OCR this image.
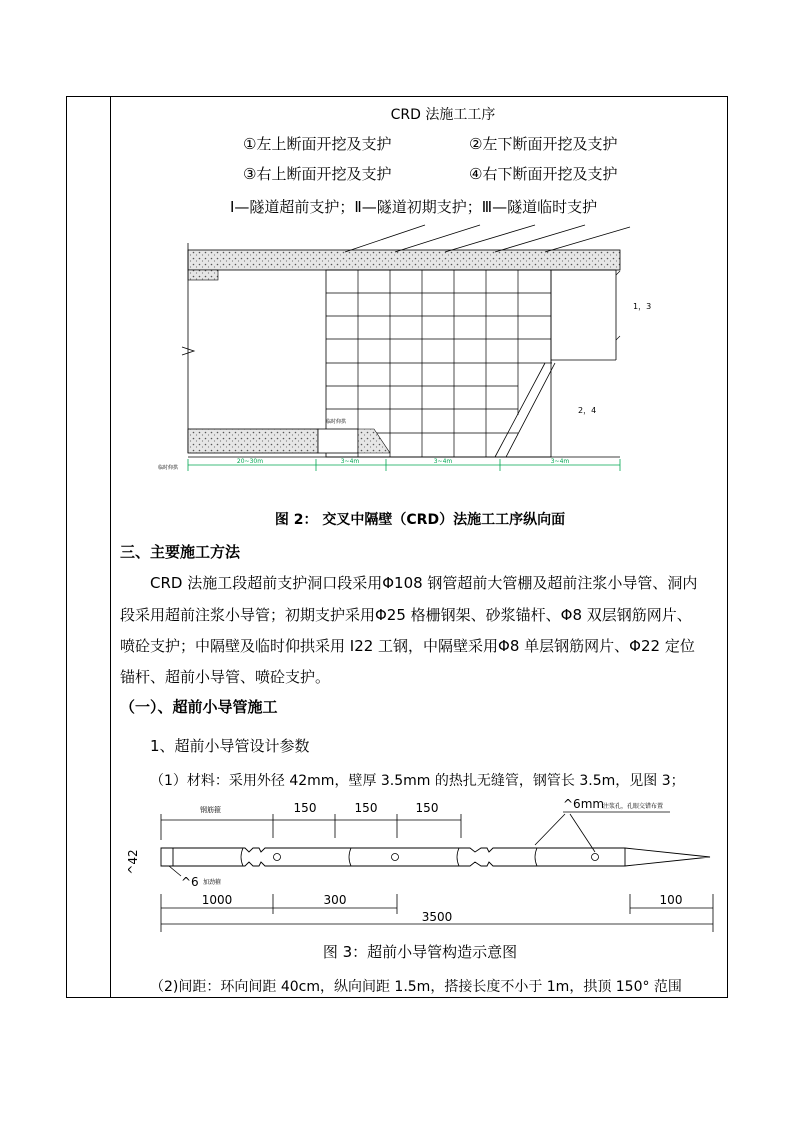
CRD 法施工工序
①左上断面开挖及支护	②左下断面开挖及支护
③右上断面开挖及支护	④右下断面开挖及支护
Ⅰ—隧道超前支护；Ⅱ—隧道初期支护；Ⅲ—隧道临时支护
20~30m	3~4m	3~4m	3~4m
1，3
2，4
临时仰拱
临时仰拱
图 2： 交叉中隔壁（CRD）法施工工序纵向面
三、主要施工方法
CRD 法施工段超前支护洞口段采用Φ108 钢管超前大管棚及超前注浆小导管、洞内
段采用超前注浆小导管；初期支护采用Φ25 格栅钢架、砂浆锚杆、Φ8 双层钢筋网片、
喷砼支护；中隔壁及临时仰拱采用 I22 工钢，中隔壁采用Φ8 单层钢筋网片、Φ22 定位
锚杆、超前小导管、喷砼支护。
（一）、超前小导管施工
1、超前小导管设计参数
（1）材料：采用外径 42mm，壁厚 3.5mm 的热扎无缝管，钢管长 3.5m，见图 3；
钢筋箍	150	150	150	^6mm
注浆孔，孔眼交错布置
^42
^6 加劲箍
1000	300	100
3500
图 3：超前小导管构造示意图
（2)间距：环向间距 40cm，纵向间距 1.5m，搭接长度不小于 1m，拱顶 150° 范围
